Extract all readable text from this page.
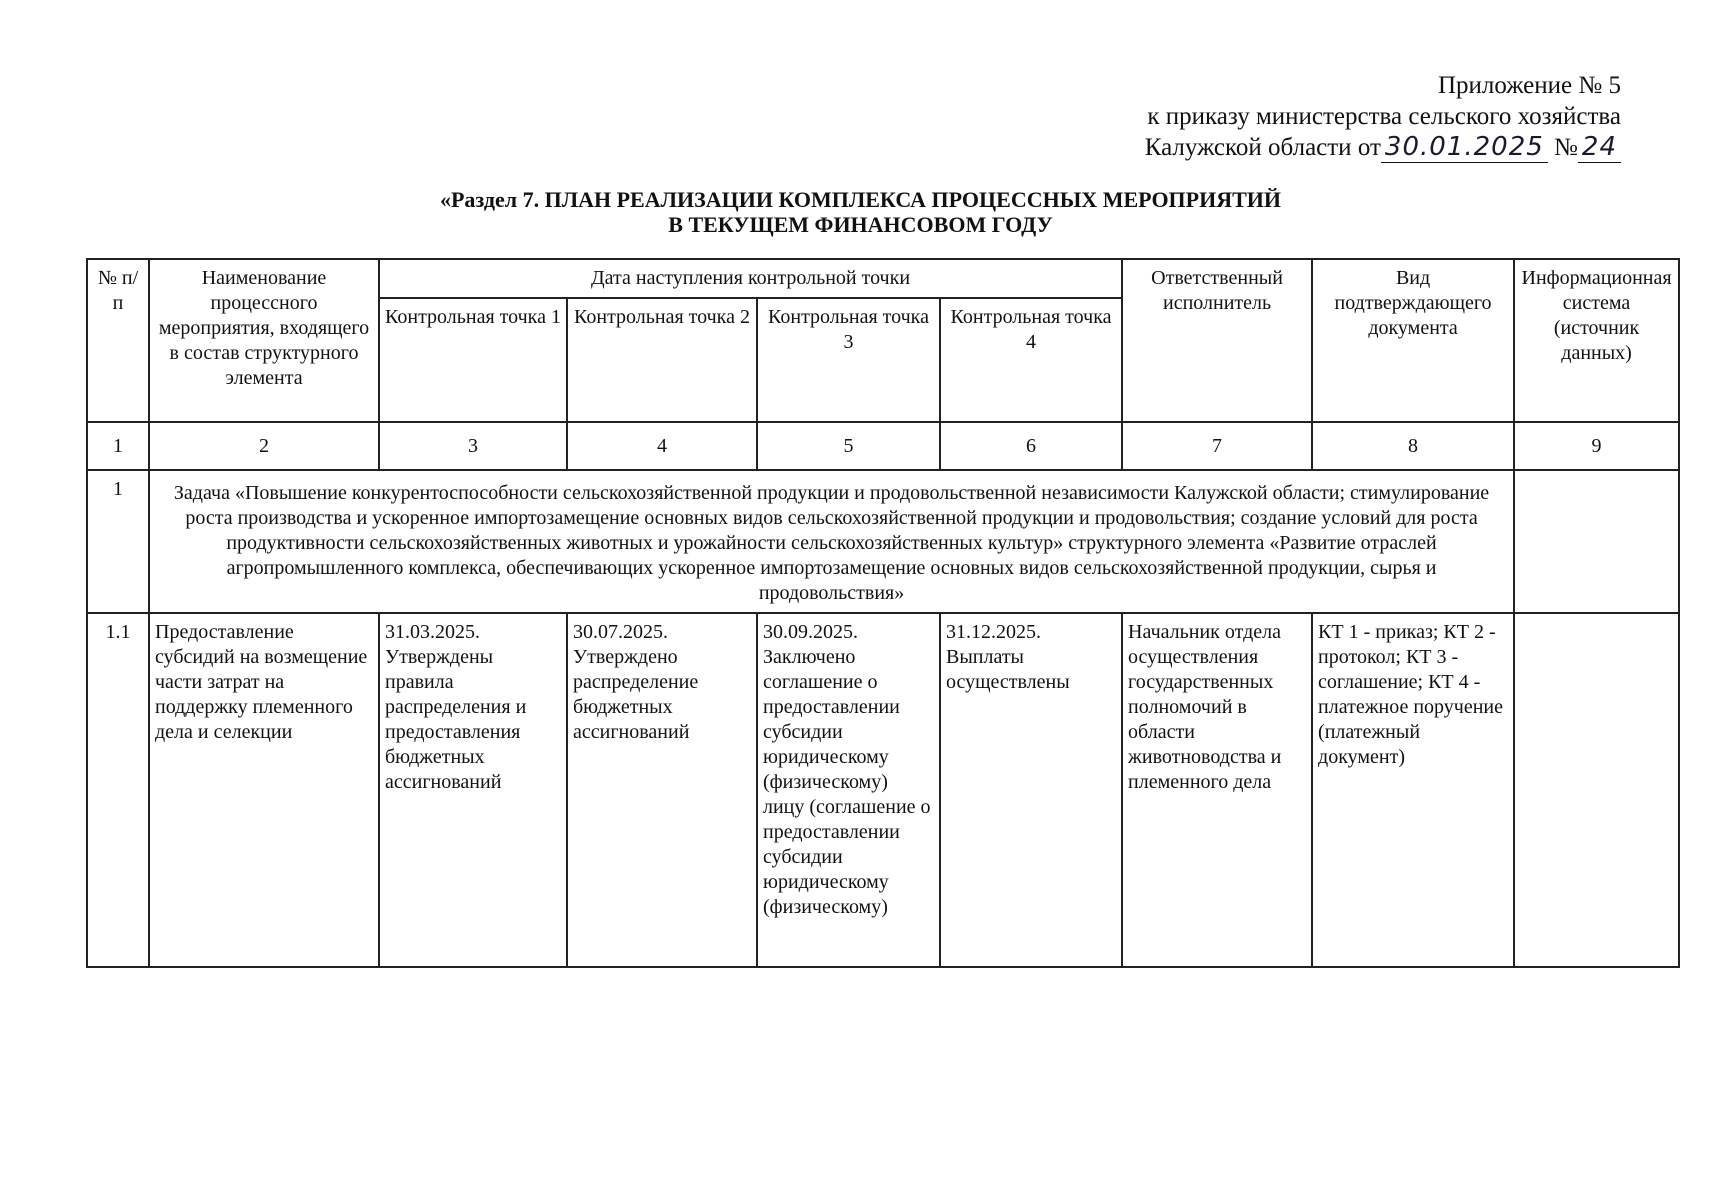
Приложение № 5
к приказу министерства сельского хозяйства
Калужской области от 30.01.2025 № 24
«Раздел 7. ПЛАН РЕАЛИЗАЦИИ КОМПЛЕКСА ПРОЦЕССНЫХ МЕРОПРИЯТИЙ
В ТЕКУЩЕМ ФИНАНСОВОМ ГОДУ
№ п/п	Наименование процессного мероприятия, входящего в состав структурного элемента	Дата наступления контрольной точки				Ответственный исполнитель	Вид подтверждающего документа	Информационная система (источник данных)
		Контрольная точка 1	Контрольная точка 2	Контрольная точка 3	Контрольная точка 4			
1	2	3	4	5	6	7	8	9
1	Задача «Повышение конкурентоспособности сельскохозяйственной продукции и продовольственной независимости Калужской области; стимулирование роста производства и ускоренное импортозамещение основных видов сельскохозяйственной продукции и продовольствия; создание условий для роста продуктивности сельскохозяйственных животных и урожайности сельскохозяйственных культур» структурного элемента «Развитие отраслей агропромышленного комплекса, обеспечивающих ускоренное импортозамещение основных видов сельскохозяйственной продукции, сырья и продовольствия»							
1.1	Предоставление субсидий на возмещение части затрат на поддержку племенного дела и селекции	31.03.2025. Утверждены правила распределения и предоставления бюджетных ассигнований	30.07.2025. Утверждено распределение бюджетных ассигнований	30.09.2025. Заключено соглашение о предоставлении субсидии юридическому (физическому) лицу (соглашение о предоставлении субсидии юридическому (физическому)	31.12.2025. Выплаты осуществлены	Начальник отдела осуществления государственных полномочий в области животноводства и племенного дела	КТ 1 - приказ; КТ 2 - протокол; КТ 3 - соглашение; КТ 4 - платежное поручение (платежный документ)	
